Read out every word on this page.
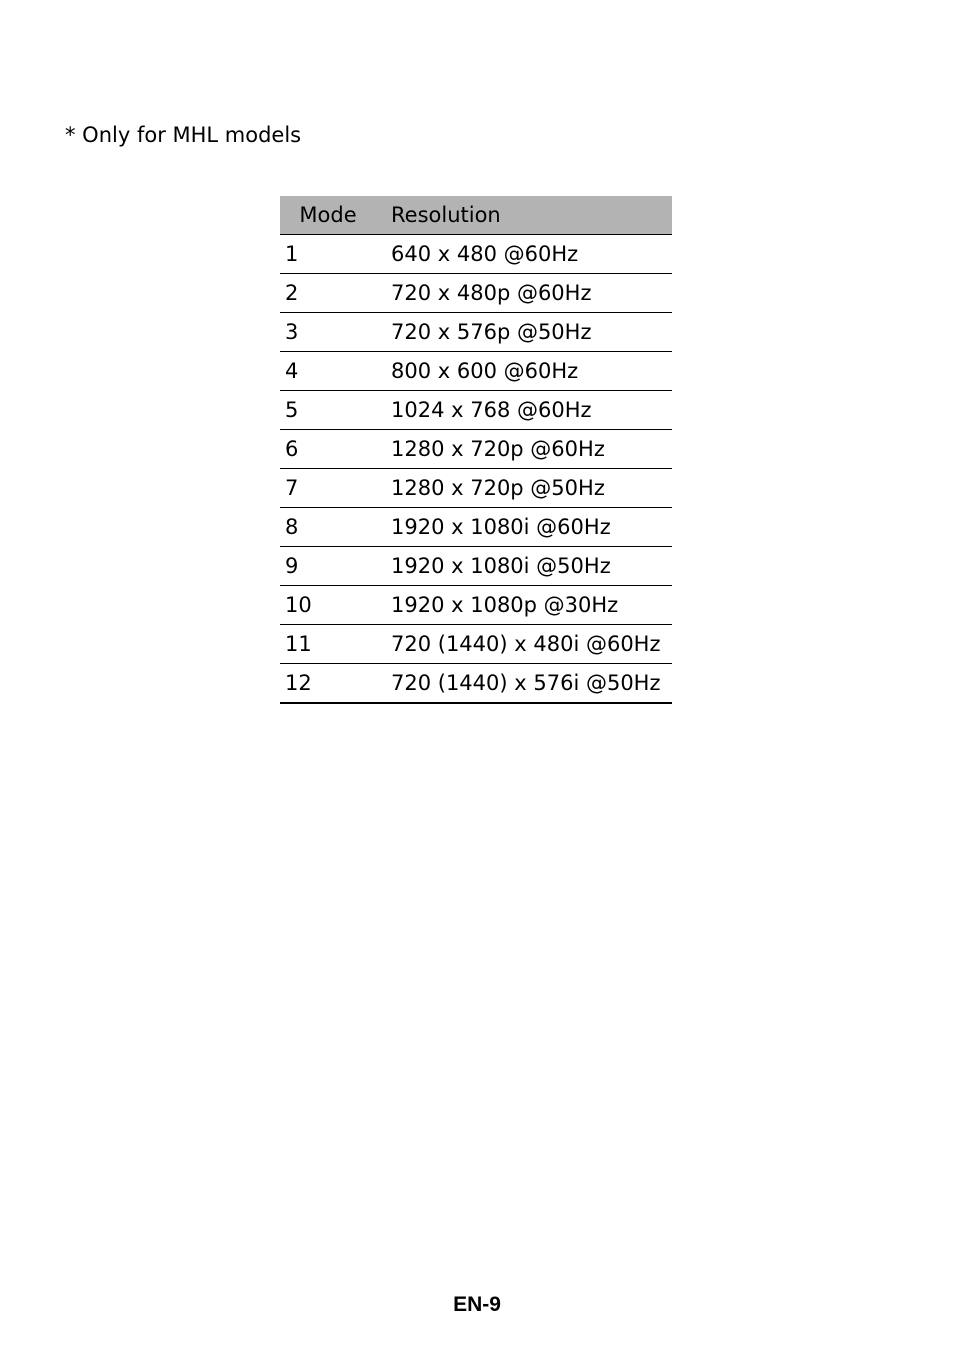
* Only for MHL models
Mode	Resolution
1	640 x 480 @60Hz
2	720 x 480p @60Hz
3	720 x 576p @50Hz
4	800 x 600 @60Hz
5	1024 x 768 @60Hz
6	1280 x 720p @60Hz
7	1280 x 720p @50Hz
8	1920 x 1080i @60Hz
9	1920 x 1080i @50Hz
10	1920 x 1080p @30Hz
11	720 (1440) x 480i @60Hz
12	720 (1440) x 576i @50Hz
EN-9
